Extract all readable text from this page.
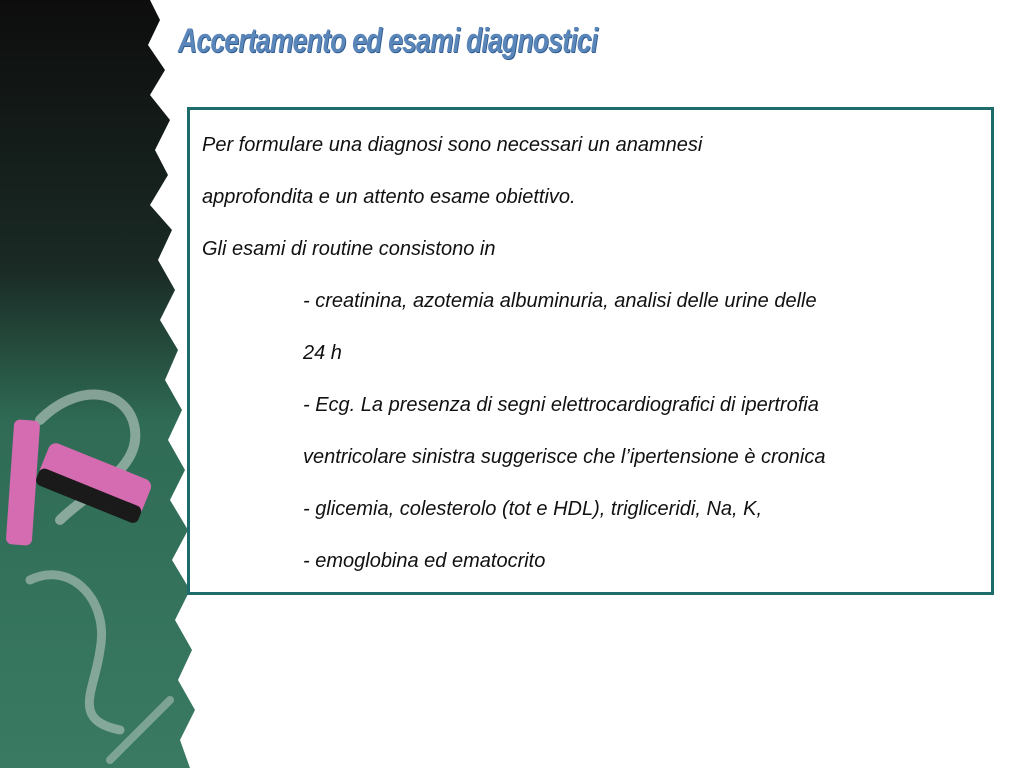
Accertamento ed esami diagnostici
Per formulare una diagnosi sono necessari un anamnesi
approfondita e un attento esame obiettivo.
Gli esami di routine consistono in
- creatinina, azotemia albuminuria, analisi delle urine delle
24 h
- Ecg. La presenza di segni elettrocardiografici di ipertrofia
ventricolare sinistra suggerisce che l’ipertensione è cronica
- glicemia, colesterolo (tot e HDL), trigliceridi, Na, K,
- emoglobina ed ematocrito
